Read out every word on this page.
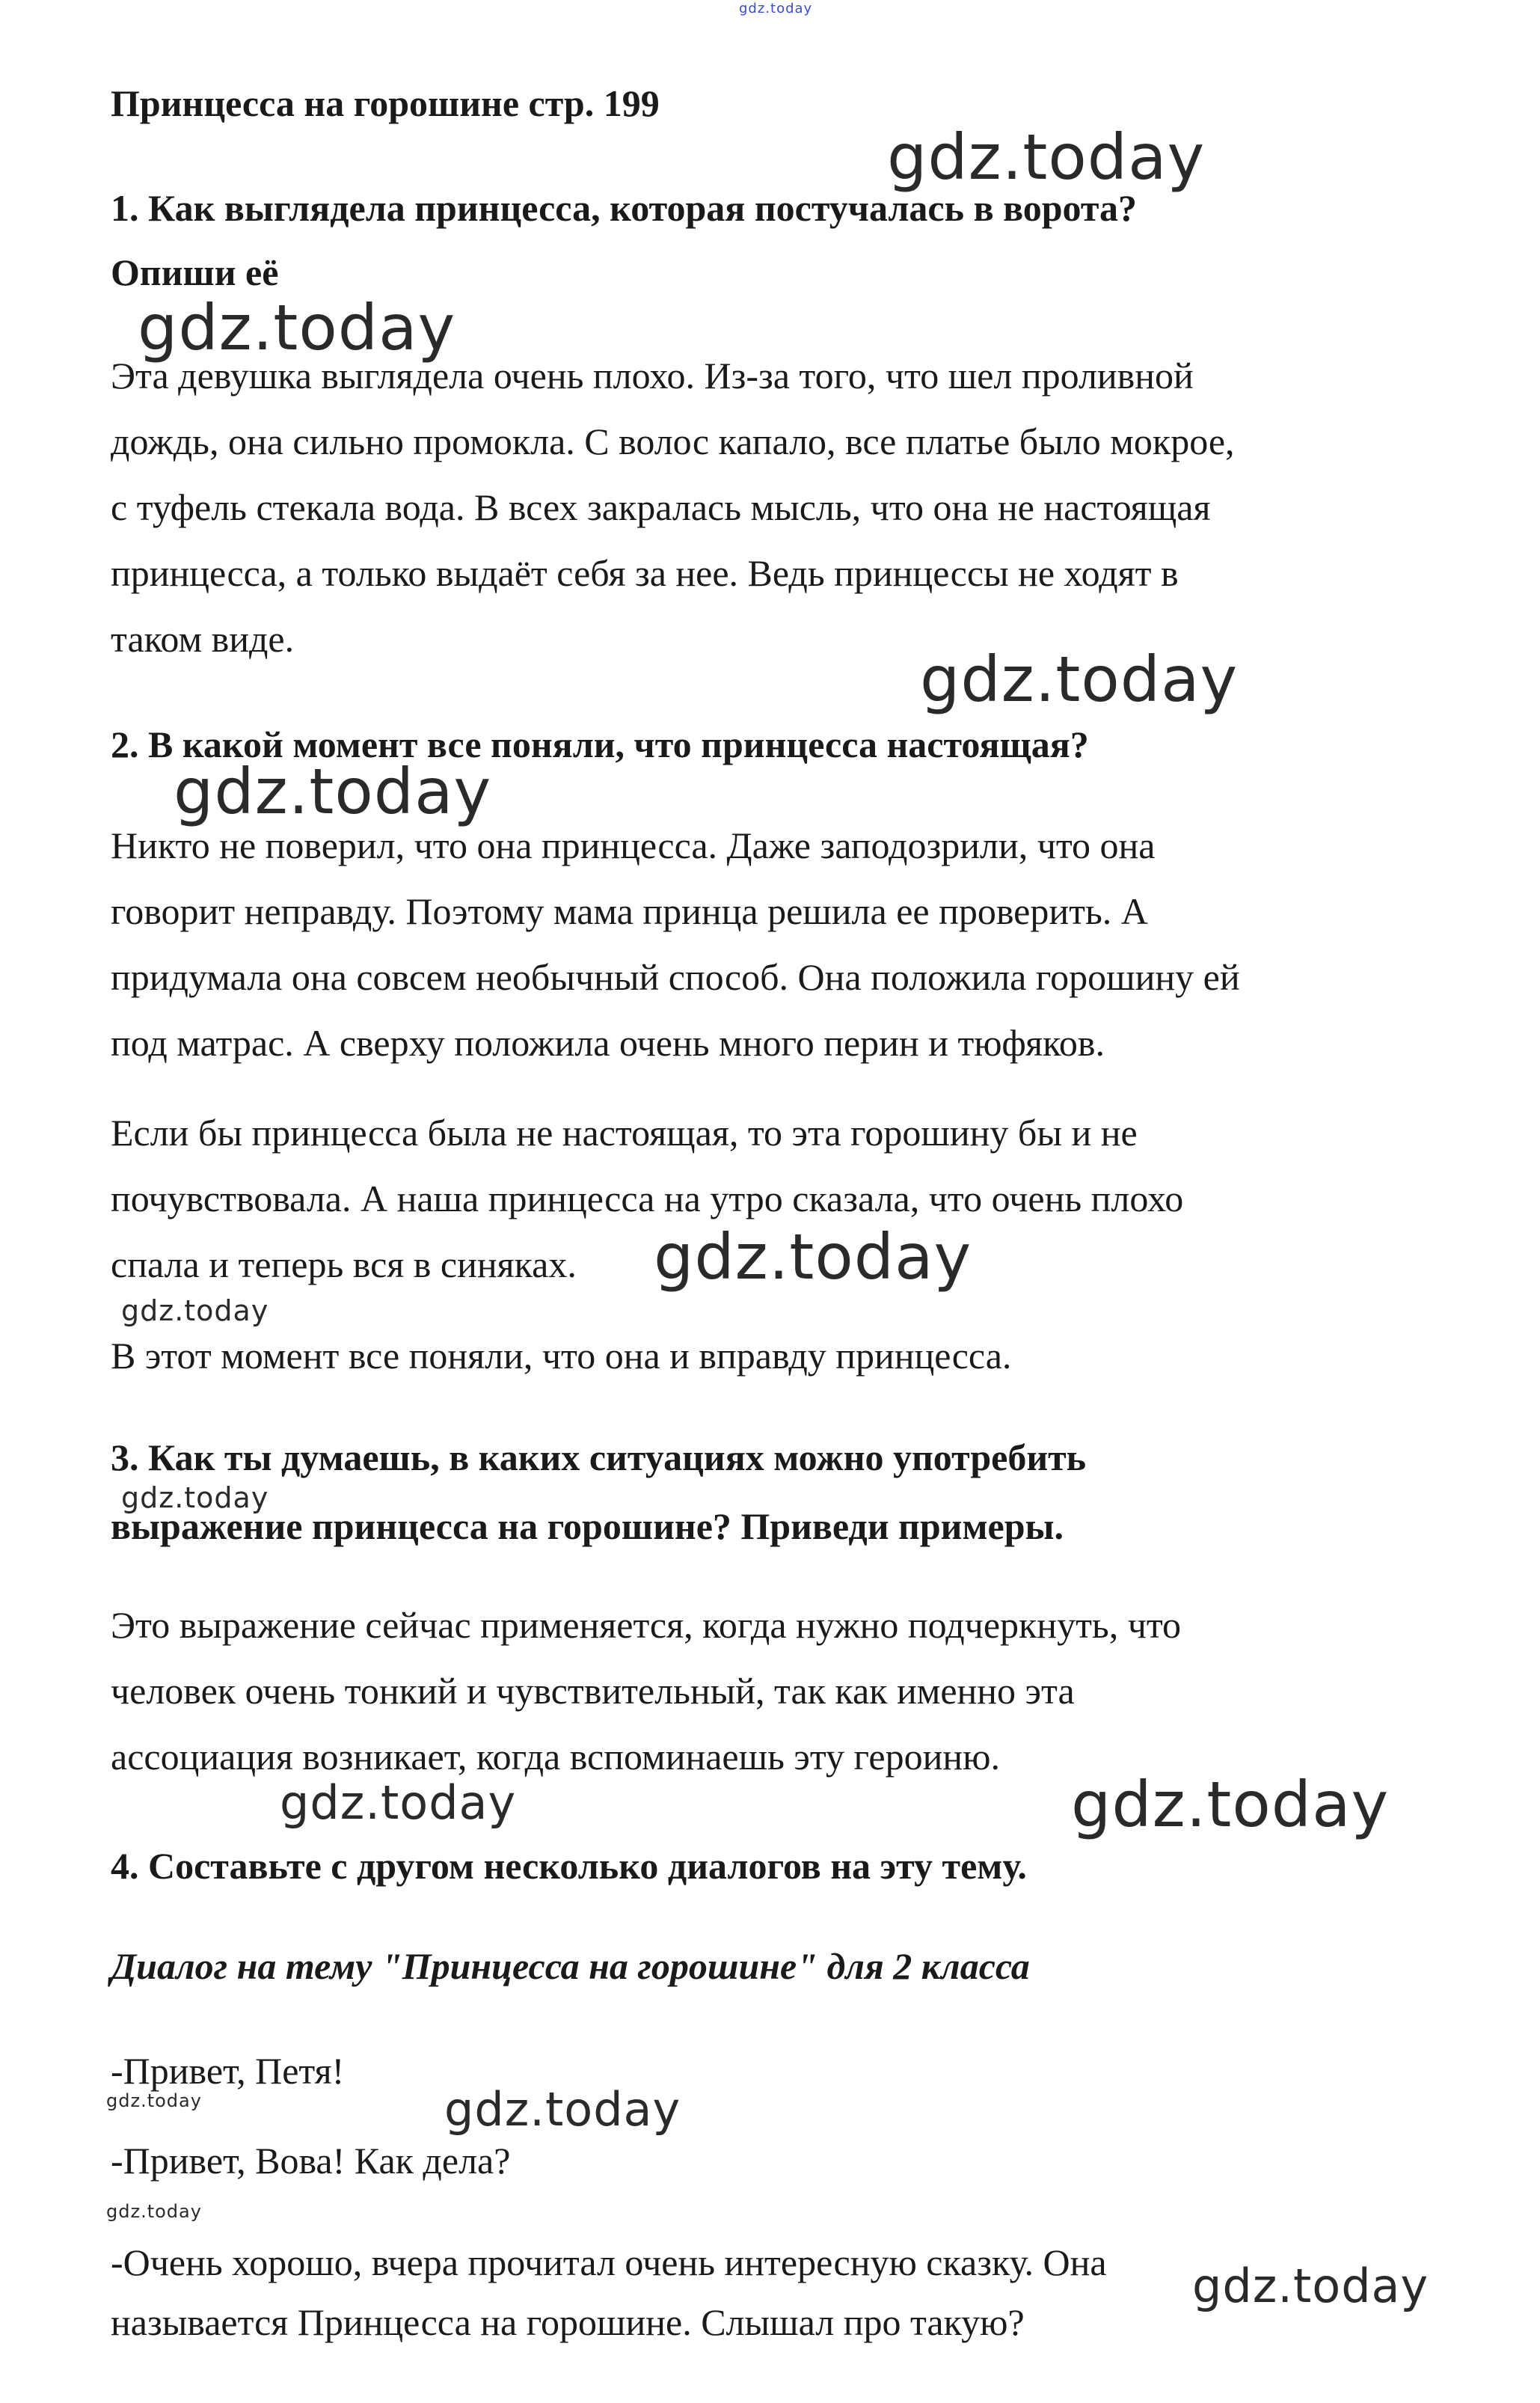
gdz.today

Принцесса на горошине стр. 199

1. Как выглядела принцесса, которая постучалась в ворота?

Опиши её

Эта девушка выглядела очень плохо. Из-за того, что шел проливной

дождь, она сильно промокла. С волос капало, все платье было мокрое,

с туфель стекала вода. В всех закралась мысль, что она не настоящая

принцесса, а только выдаёт себя за нее. Ведь принцессы не ходят в

таком виде.

2. В какой момент все поняли, что принцесса настоящая?

Никто не поверил, что она принцесса. Даже заподозрили, что она

говорит неправду. Поэтому мама принца решила ее проверить. А

придумала она совсем необычный способ. Она положила горошину ей

под матрас. А сверху положила очень много перин и тюфяков.

Если бы принцесса была не настоящая, то эта горошину бы и не

почувствовала. А наша принцесса на утро сказала, что очень плохо

спала и теперь вся в синяках.

В этот момент все поняли, что она и вправду принцесса.

3. Как ты думаешь, в каких ситуациях можно употребить

выражение принцесса на горошине? Приведи примеры.

Это выражение сейчас применяется, когда нужно подчеркнуть, что

человек очень тонкий и чувствительный, так как именно эта

ассоциация возникает, когда вспоминаешь эту героиню.

4. Составьте с другом несколько диалогов на эту тему.

Диалог на тему "Принцесса на горошине" для 2 класса

-Привет, Петя!

-Привет, Вова! Как дела?

-Очень хорошо, вчера прочитал очень интересную сказку. Она

называется Принцесса на горошине. Слышал про такую?

gdz.today

gdz.today

gdz.today

gdz.today

gdz.today

gdz.today

gdz.today

gdz.today	gdz.today

gdz.today	gdz.today

gdz.today

gdz.today
